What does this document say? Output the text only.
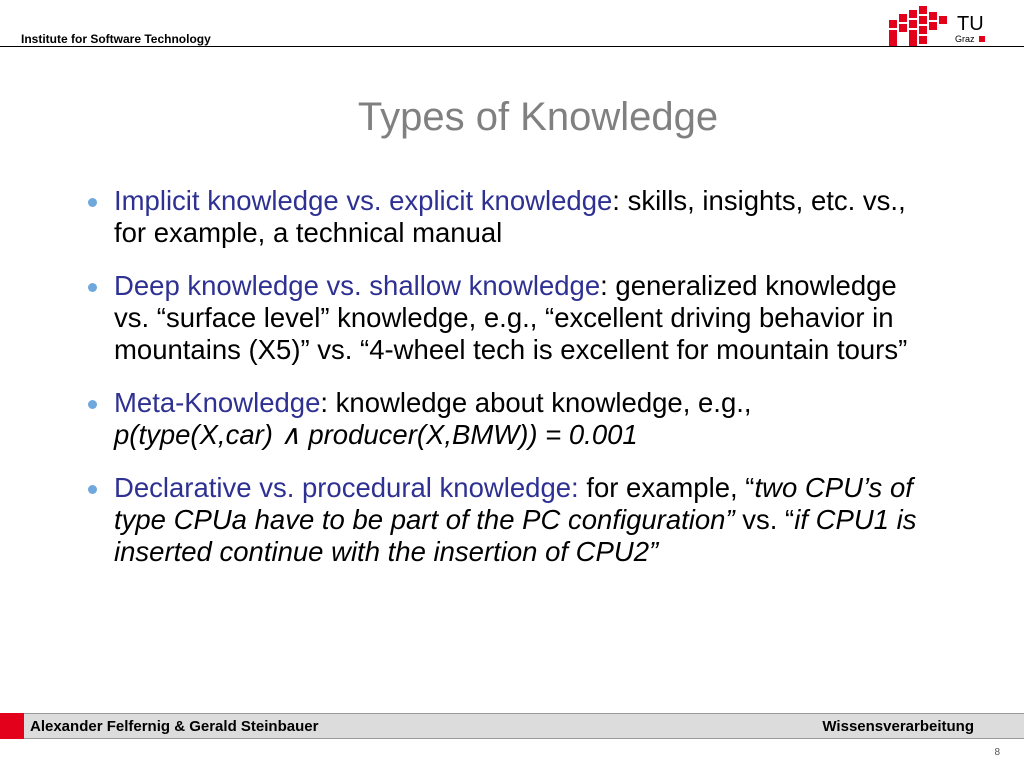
Institute for Software Technology
TU
Graz
Types of Knowledge
Implicit knowledge vs. explicit knowledge: skills, insights, etc. vs., for example, a technical manual
Deep knowledge vs. shallow knowledge: generalized knowledge vs. “surface level” knowledge, e.g., “excellent driving behavior in mountains (X5)” vs. “4-wheel tech is excellent for mountain tours”
Meta-Knowledge: knowledge about knowledge, e.g.,
p(type(X,car) ∧ producer(X,BMW)) = 0.001
Declarative vs. procedural knowledge: for example, “two CPU’s of type CPUa have to be part of the PC configuration” vs. “if CPU1 is inserted continue with the insertion of CPU2”
Alexander Felfernig & Gerald Steinbauer	Wissensverarbeitung
8
